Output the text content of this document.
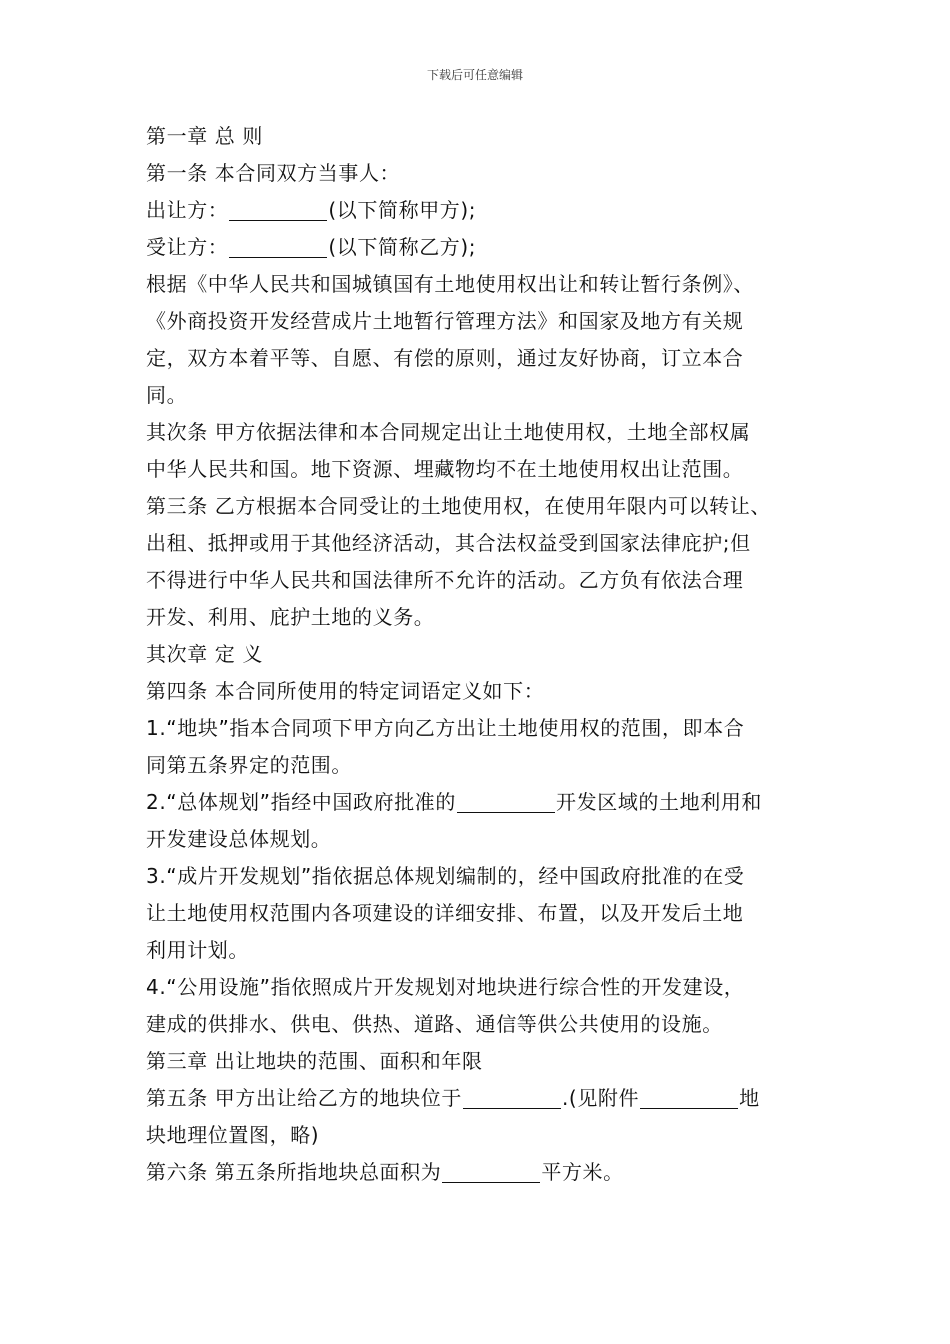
下载后可任意编辑
第一章 总 则
第一条 本合同双方当事人：
出让方：	(以下简称甲方);
受让方：	(以下简称乙方);
根据《中华人民共和国城镇国有土地使用权出让和转让暂行条例》、
《外商投资开发经营成片土地暂行管理方法》和国家及地方有关规
定，双方本着平等、自愿、有偿的原则，通过友好协商，订立本合
同。
其次条 甲方依据法律和本合同规定出让土地使用权，土地全部权属
中华人民共和国。地下资源、埋藏物均不在土地使用权出让范围。
第三条 乙方根据本合同受让的土地使用权，在使用年限内可以转让、
出租、抵押或用于其他经济活动，其合法权益受到国家法律庇护;但
不得进行中华人民共和国法律所不允许的活动。乙方负有依法合理
开发、利用、庇护土地的义务。
其次章 定 义
第四条 本合同所使用的特定词语定义如下：
1.“地块”指本合同项下甲方向乙方出让土地使用权的范围，即本合
同第五条界定的范围。
2.“总体规划”指经中国政府批准的	开发区域的土地利用和
开发建设总体规划。
3.“成片开发规划”指依据总体规划编制的，经中国政府批准的在受
让土地使用权范围内各项建设的详细安排、布置，以及开发后土地
利用计划。
4.“公用设施”指依照成片开发规划对地块进行综合性的开发建设，
建成的供排水、供电、供热、道路、通信等供公共使用的设施。
第三章 出让地块的范围、面积和年限
第五条 甲方出让给乙方的地块位于	.(见附件	地
块地理位置图，略)
第六条 第五条所指地块总面积为	平方米。
